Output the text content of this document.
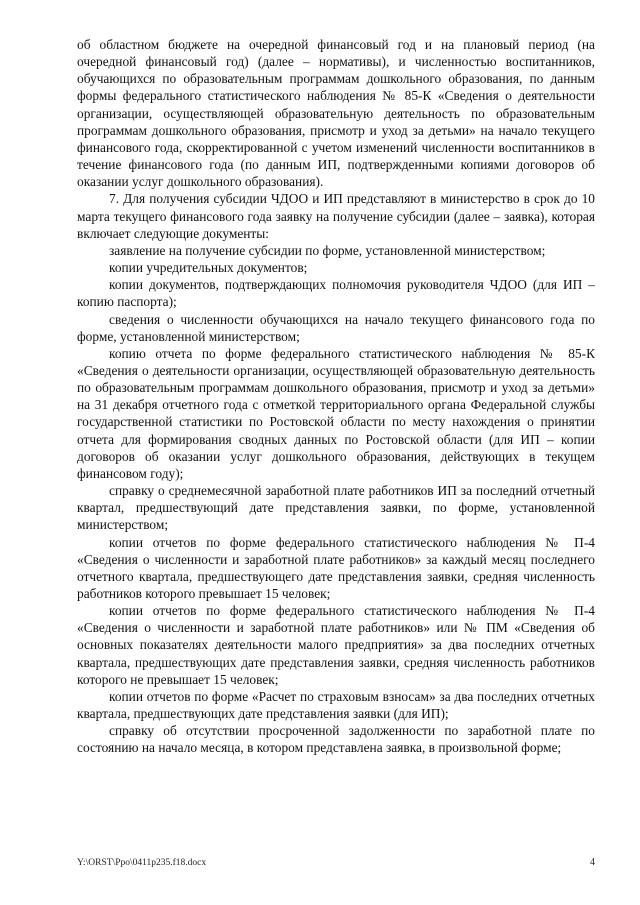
об областном бюджете на очередной финансовый год и на плановый период (на очередной финансовый год) (далее – нормативы), и численностью воспитанников, обучающихся по образовательным программам дошкольного образования, по данным формы федерального статистического наблюдения № 85-К «Сведения о деятельности организации, осуществляющей образовательную деятельность по образовательным программам дошкольного образования, присмотр и уход за детьми» на начало текущего финансового года, скорректированной с учетом изменений численности воспитанников в течение финансового года (по данным ИП, подтвержденными копиями договоров об оказании услуг дошкольного образования).

7. Для получения субсидии ЧДОО и ИП представляют в министерство в срок до 10 марта текущего финансового года заявку на получение субсидии (далее – заявка), которая включает следующие документы:

заявление на получение субсидии по форме, установленной министерством;

копии учредительных документов;

копии документов, подтверждающих полномочия руководителя ЧДОО (для ИП – копию паспорта);

сведения о численности обучающихся на начало текущего финансового года по форме, установленной министерством;

копию отчета по форме федерального статистического наблюдения № 85-К «Сведения о деятельности организации, осуществляющей образовательную деятельность по образовательным программам дошкольного образования, присмотр и уход за детьми» на 31 декабря отчетного года с отметкой территориального органа Федеральной службы государственной статистики по Ростовской области по месту нахождения о принятии отчета для формирования сводных данных по Ростовской области (для ИП – копии договоров об оказании услуг дошкольного образования, действующих в текущем финансовом году);

справку о среднемесячной заработной плате работников ИП за последний отчетный квартал, предшествующий дате представления заявки, по форме, установленной министерством;

копии отчетов по форме федерального статистического наблюдения № П-4 «Сведения о численности и заработной плате работников» за каждый месяц последнего отчетного квартала, предшествующего дате представления заявки, средняя численность работников которого превышает 15 человек;

копии отчетов по форме федерального статистического наблюдения № П-4 «Сведения о численности и заработной плате работников» или № ПМ «Сведения об основных показателях деятельности малого предприятия» за два последних отчетных квартала, предшествующих дате представления заявки, средняя численность работников которого не превышает 15 человек;

копии отчетов по форме «Расчет по страховым взносам» за два последних отчетных квартала, предшествующих дате представления заявки (для ИП);

справку об отсутствии просроченной задолженности по заработной плате по состоянию на начало месяца, в котором представлена заявка, в произвольной форме;

Y:\ORST\Ppo\0411p235.f18.docx	4
